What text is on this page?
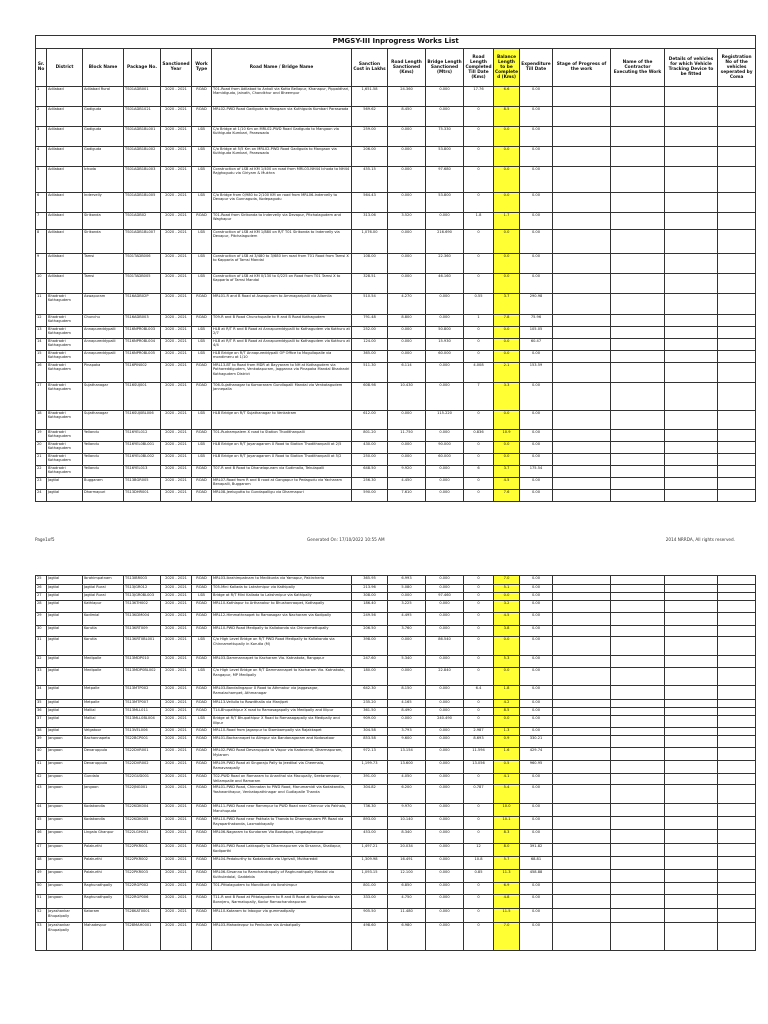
PMGSY-III Inprogress Works List																
Sr.No	District	Block Name	Package No.	Sanctioned Year	Work Type	Road Name / Bridge Name	Sanction Cost in Lakhs	Road Length Sanctioned (Kms)	Bridge Length Sanctioned (Mtrs)	Road Length Completed Till Date (Kms)	Balance Length to be Completed (Kms)	Expenditure Till Date	Stage of Progress of the work	Name of the Contractor Executing the Work	Details of vehicles for which Vehicle Tracking Device to be fitted	Registration No of the vehicles seperated by Coma
1	Adilabad	Adilabad Rural	TS01ADB001	2020 - 2021	ROAD	T01-Road from Adilabad to Ankoli via Kotta Bellapur, Khanapur, Pippaldhari, Mamidiguda, Jainath, Chandkhur and Bheempur	1,651.58	24.360	0.000	17.76	6.6	0.00				
2	Adilabad	Gadiguda	TS01ADB1021	2020 - 2021	ROAD	MRL02-PWD Road Gadiguda to Mangaon via Kuthiguda Kumbari Paraswada	569.62	8.450	0.000	0	8.5	0.00				
3	Adilabad	Gadiguda	TS01ADB1BL001	2020 - 2021	LSB	C/o Bridge at 1/10 Km on MRL02-PWD Road Gadiguda to Mangaon via Kuthiguda Kumbari, Paraswada	259.00	0.000	75.330	0	0.0	0.00				
4	Adilabad	Gadiguda	TS01ADB1BL002	2020 - 2021	LSB	C/o Bridge at 5/5 Km on MRL02-PWD Road Gadiguda to Mangaon via Kuthiguda Kumbari, Paraswada	206.00	0.000	53.800	0	0.0	0.00				
5	Adilabad	Ichoda	TS01ADB1BL003	2020 - 2021	LSB	Construction of LSB at KM 1/400 on road from MRL03-NH44 Ichoda to NH44 Rajghogudu via Giriyam & Mukhra	455.15	0.000	97.680	0	0.0	0.00				
6	Adilabad	Indervelly	TS01ADB1BL005	2020 - 2021	LSB	C/o Bridge from 0/980 to 2/100 KM on road from MRL06-Indervelly to Devapur via Gunnaguda, Kodepagudu	564.43	0.000	53.800	0	0.0	0.00				
7	Adilabad	Sirikonda	TS01ADB02	2020 - 2021	ROAD	T01-Road from Sirikonda to Indervelly via Devapur, Pitchalagudem and Waghapur	313.06	3.520	0.000	1.8	1.7	0.00				
8	Adilabad	Sirikonda	TS01ADB1BL007	2020 - 2021	LSB	Construction of LSB at KM 1/880 on R/T T01 Sirikonda to Indervelly via Devapur, Pitchalagudem	1,076.00	0.000	216.690	0	0.0	0.00				
9	Adilabad	Tamsi	TS01TADB006	2020 - 2021	LSB	Construction of LSB at 3/480 to 3/680 km road from T01 Road from Tamsi X to Kapparla of Tamsi Mandal	108.00	0.000	22.360	0	0.0	0.00				
10	Adilabad	Tamsi	TS01TADB005	2020 - 2021	LSB	Construction of LSB at KM 0/130 to 0/225 on Road from T01 Tamsi X to Kapparla of Tamsi Mandal	328.51	0.000	46.160	0	0.0	0.00				
11	Bhadradri Kothagudem	Aswapuram	TS16ADB02P	2020 - 2021	ROAD	MRL01-R and B Road at Aswapuram to Ammagaripalli via Allamila	510.54	4.270	0.000	0.55	3.7	290.98				
12	Bhadradri Kothagudem	Chunchu	TS16ADB003	2020 - 2021	ROAD	T09-R and B Road Chunchupalle to R and B Road Kothagudem	791.48	8.800	0.000	1	7.8	75.96				
13	Bhadradri Kothagudem	Annapureddypalli	TS16NPR0BL003	2020 - 2021	LSB	HLB at R/T R and B Road at Annapureddypalli to Kothagudem via Kothuru at 2/7	252.00	0.000	50.800	0	0.0	105.05				
14	Bhadradri Kothagudem	Annapureddypalli	TS16NPR0BL004	2020 - 2021	LSB	HLB at R/T R and B Road at Annapureddypalli to Kothagudem via Kothuru at 4/4	124.00	0.000	15.930	0	0.0	60.47				
15	Bhadradri Kothagudem	Annapureddypalli	TS16NPR0BL005	2020 - 2021	LSB	HLB Bridge on R/T Annapureddypalli OP Office to Mogullapalle via mondimeru at 1/10	365.00	0.000	60.000	0	0.0	0.00				
16	Bhadradri Kothagudem	Pinapaka	TS16PIN002	2020 - 2021	ROAD	MRL13-BT to Road from MDR at Bayyaram to NH at Kothagudem via Pothareddigudem, Venkatapuram, Jagganna via Pinapaka Mandal Bhadradri Kothagudem District	511.30	6.114	0.000	4.008	2.1	153.59				
17	Bhadradri Kothagudem	Sujathanagar	TS16SUJ001	2020 - 2021	ROAD	T06-Sujathanagar to Komararam Gundlapalli Mandal via Venkatagudem Jannepalla	608.98	10.430	0.000	7	3.3	0.00				
18	Bhadradri Kothagudem	Sujathanagar	TS16SUJ0BL006	2020 - 2021	LSB	HLB Bridge on R/T Sujathanagar to Venkatram	612.00	0.000	115.220	0	0.0	0.00				
19	Bhadradri Kothagudem	Yellandu	TS16YEL012	2020 - 2021	ROAD	T01-Rudrampalem X road to Station Thodithanpalli	801.20	11.750	0.000	0.836	10.9	0.00				
20	Bhadradri Kothagudem	Yellandu	TS16YEL0BL001	2020 - 2021	LSB	HLB Bridge on R/T Jayanagaram X Road to Station Thodithanpalli at 2/5	430.00	0.000	90.000	0	0.0	0.00				
21	Bhadradri Kothagudem	Yellandu	TS16YEL0BL002	2020 - 2021	LSB	HLB Bridge on R/T Jayanagaram X Road to Station Thodithanpalli at 5/2	250.00	0.000	60.000	0	0.0	0.00				
22	Bhadradri Kothagudem	Yellandu	TS16YEL013	2020 - 2021	ROAD	T07-R and B Road to Dhanelapuram via Sudimalla, Tekulapalli	648.50	9.920	0.000	6	3.7	175.54				
23	Jagtial	Buggaram	TS13BGR005	2020 - 2021	ROAD	MRL07-Road from R and B road at Gangapur to Pedagudu via Yacharam Benapalli, Buggaram	256.30	4.450	0.000	0	4.5	0.00				
24	Jagtial	Dharmapuri	TS13DHR001	2020 - 2021	ROAD	MRL08-Jeelugutta to Gundapalligu via Dharmapuri	590.00	7.610	0.000	0	7.6	0.00				
Page1of5	Generated On: 17/10/2022 10:55 AM	2014 NRRDA, All rights reserved.
25	Jagtial	Ibrahimpatnam	TS13IBR003	2020 - 2021	ROAD	MRL03-Ibrahimpatnam to Medikunta via Yamapur, Pakircherla	365.95	6.993	0.000	0	7.0	0.00				
26	Jagtial	Jagtial Rural	TS13JGR012	2020 - 2021	ROAD	T05-Mini Kallada to Lakshmipur via Kathipally	213.96	5.080	0.000	0	5.1	0.00				
27	Jagtial	Jagtial Rural	TS13JGR0BL003	2020 - 2021	LSB	Bridge at R/T Mini Kallada to Lakshmipur via Kathipally	308.00	0.000	97.460	0	0.0	0.00				
28	Jagtial	Kathlapur	TS13KTH002	2020 - 2021	ROAD	MRL10-Kathlapur to Arthanakur to Bhushanraopet, Kothapally	186.40	3.225	0.000	0	3.2	0.00				
29	Jagtial	Kodimial	TS13KDM004	2020 - 2021	ROAD	MRL12-Himmathraopet to Ramasagar via Nacharam via Kodipally	249.56	4.495	0.000	0	4.5	0.00				
30	Jagtial	Korutla	TS13KRT009	2020 - 2021	ROAD	MRL10-PWD Road Medipally to Kallakonda via Chinnamettupally	206.50	3.760	0.000	0	3.8	0.00				
31	Jagtial	Korutla	TS13KRT0BL001	2020 - 2021	LSB	C/o High Level Bridge on R/T PWD Road Medipally to Kallakonda via Chinnamettupally in Korutla (M)	398.00	0.000	86.540	0	0.0	0.00				
32	Jagtial	Medipalle	TS13MDP010	2020 - 2021	ROAD	MRL03-Dammannapet to Kacharam Via. Katnakota, Rangapur	247.60	5.340	0.000	0	5.3	0.00				
33	Jagtial	Medipalle	TS13MDP0BL002	2020 - 2021	LSB	C/o High Level Bridge on R/T Dammannapet to Kacharam Via. Katnakota, Rangapur, MP Medipally	180.00	0.000	22.840	0	0.0	0.00				
34	Jagtial	Metpalle	TS13MTP002	2020 - 2021	ROAD	MRL03-Bandalingapur X Road to Athmakur via Jaggasagar, Ramalachampet, Athmanagar	642.30	8.150	0.000	6.4	1.8	0.00				
35	Jagtial	Metpalle	TS13MTP007	2020 - 2021	ROAD	MRL13-Vellulla to Rowdthalla via Manjipet	235.20	4.165	0.000	0	4.2	0.00				
36	Jagtial	Mallial	TS13MLL011	2020 - 2021	ROAD	T14-Bhupathipur X road to Ramasagapally via Medipally and Illipur	361.50	8.490	0.000	0	8.5	0.00				
37	Jagtial	Mallial	TS13MLL0BL004	2020 - 2021	LSB	Bridge at R/T Bhupathipur X Road to Ramasagapally via Medipally and Illipur	909.00	0.000	240.490	0	0.0	0.00				
38	Jagtial	Velgatoor	TS13VEL006	2020 - 2021	ROAD	MRL10-Road from Jaganpur to Stambampally via Rajakkapet	304.58	3.793	0.000	2.987	1.3	0.00				
39	Jangaon	Bachannapeta	TS22BCP001	2020 - 2021	ROAD	MRL01-Bachannapet to Alimpur via Bandanagaram and Kodavatoor	853.58	9.600	0.000	8.693	0.9	330.21				
40	Jangaon	Devaruppula	TS22DVR001	2020 - 2021	ROAD	MRL02-PWD Road Devaruppula to Vispur via Kadavendi, Dharmapuram, Mylaram	972.13	13.154	0.000	11.594	1.6	429.74				
41	Jangaon	Devaruppula	TS22DVR002	2020 - 2021	ROAD	MRL09-PWD Road at Singaraju Pally to Jeedikal via Cheemala, Ramavarapally	1,199.73	13.600	0.000	13.056	0.5	960.95				
42	Jangaon	Gundala	TS22GUD001	2020 - 2021	ROAD	T02-PWD Road on Ramaram to Ananthal via Macupally, Seetaramapur, Vellampalle and Ramaram	391.00	4.050	0.000	0	4.1	0.00				
43	Jangaon	Jangaon	TS22JNG001	2020 - 2021	ROAD	MRL01-PWD Road, Chinnatan to PWD Road, Marumamidi via Kodakandla, Yashwanthapur, Venkatapathinagar and Gudlapalle Thanda	304.82	6.200	0.000	0.787	5.4	0.00				
44	Jangaon	Kodakandla	TS22KDK004	2020 - 2021	ROAD	MRL11-PWD Road near Rammpur to PWD Road near Chennur via Pakhala, Manchupuda	736.30	9.970	0.000	0	10.0	0.00				
45	Jangaon	Kodakandla	TS22KDK005	2020 - 2021	ROAD	MRL10-PWD Road near Pakhala to Thanda to Dharmapuram PR Road via Rayaparthakonda, Laxmakkapally	893.00	10.140	0.000	0	10.1	0.00				
46	Jangaon	Lingala Ghanpur	TS22LGH001	2020 - 2021	ROAD	MRL06-Nagaram to Kundaram Via Bowdapet, Lingalaghanpur	453.00	8.340	0.000	0	8.3	0.00				
47	Jangaon	Palakurthi	TS22PKR001	2020 - 2021	ROAD	MRL01-PWD Road Lakkapally to Dharmapuram via Sirsanna, Shatlapur, Kodiparthi	1,497.21	20.034	0.000	12	8.0	391.82				
48	Jangaon	Palakurthi	TS22PKR002	2020 - 2021	ROAD	MRL04-Pedakurthy to Kodakandla via Ugrivall, Muthareddi	1,309.98	16.491	0.000	10.8	5.7	68.81				
49	Jangaon	Palakurthi	TS22PKR003	2020 - 2021	ROAD	MRL06-Sirsanna to Ramchandrapally of Raghunathpally Mandal via Kuthuledalai, Gaddebla	1,093.15	12.100	0.000	0.85	11.3	458.88				
50	Jangaon	Raghunathpally	TS22RGP002	2020 - 2021	ROAD	T01-Pittalagudem to Mondikunt via Ibrahimpur	801.00	6.850	0.000	0	6.9	0.00				
51	Jangaon	Raghunathpally	TS22RGP006	2020 - 2021	ROAD	T11-R and B Road at Pittalagudem to R and B Road at Kondakunda via Bonnjeru, Narmatupally, Kodur Ramachandrapuram	333.00	4.750	0.000	0	4.8	0.00				
52	Jayashankar Bhupalpally	Kataram	TS28KAT0001	2020 - 2021	ROAD	MRL10-Kataram to Inbogur via gummadipally	905.50	11.480	0.000	0	11.5	0.00				
53	Jayashankar Bhupalpally	Mahadevpur	TS28MAH0001	2020 - 2021	ROAD	MRL03-Mahadevpur to Penkulam via Ambatpally	498.60	6.980	0.000	0	7.0	0.00				
